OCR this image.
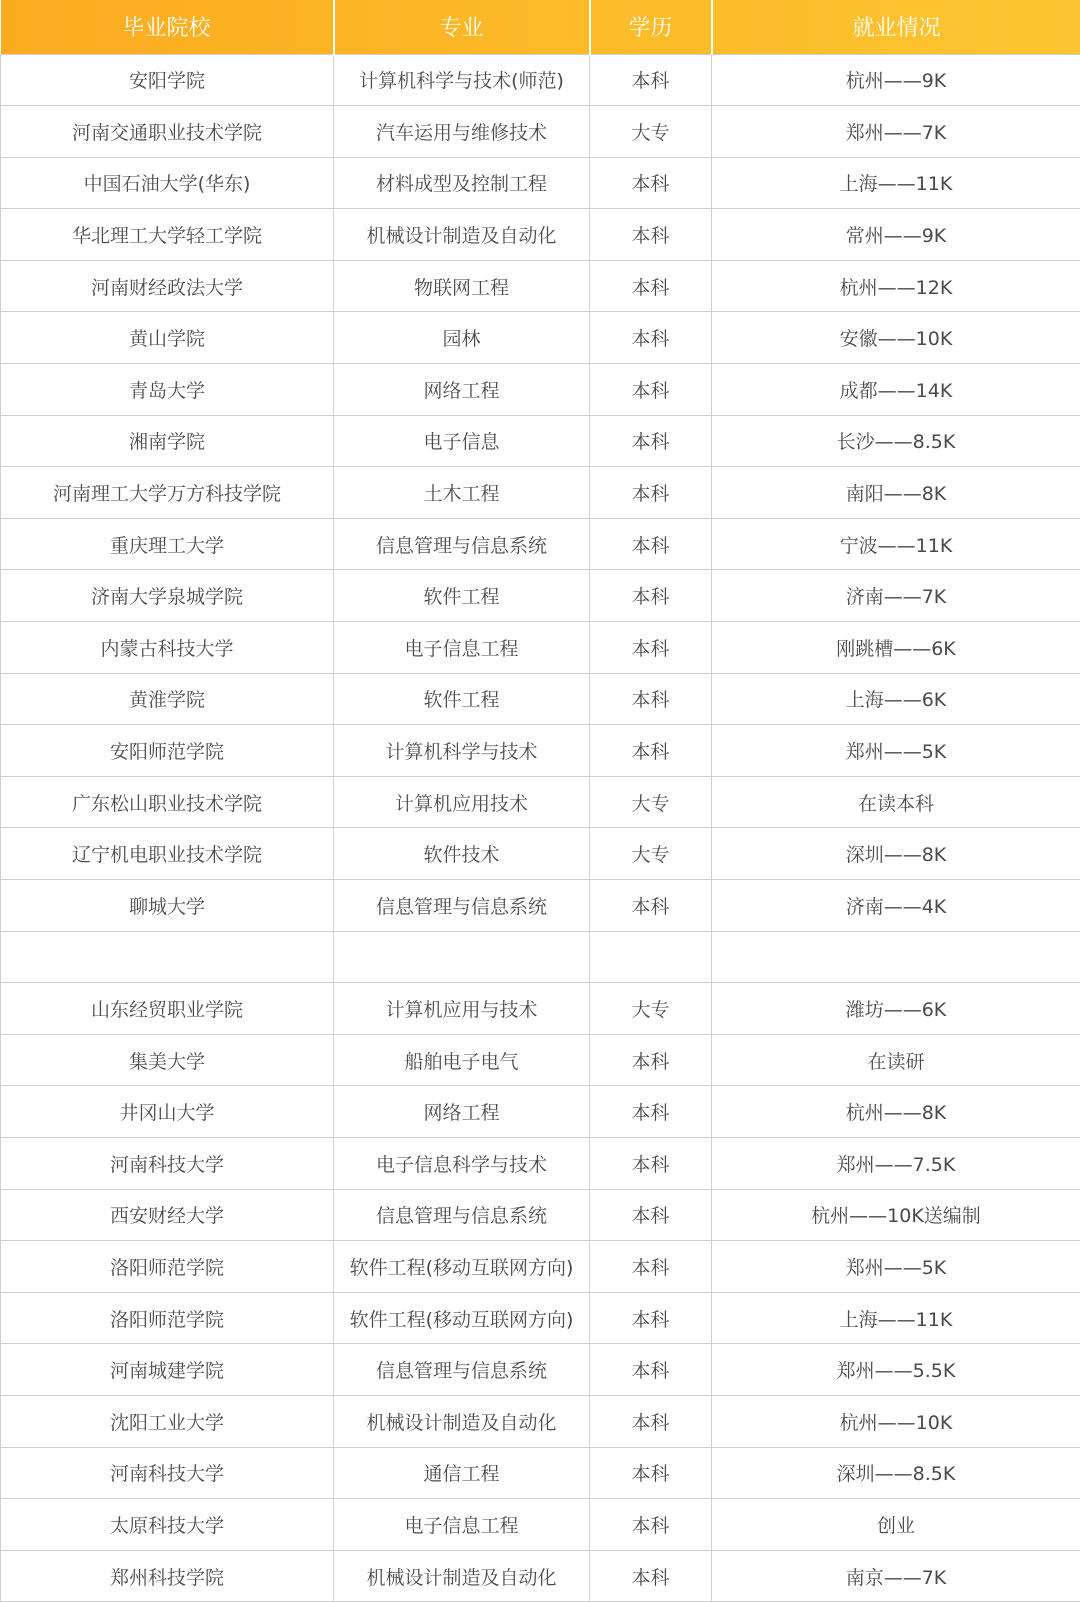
毕业院校	专业	学历	就业情况
安阳学院	计算机科学与技术(师范)	本科	杭州——9K
河南交通职业技术学院	汽车运用与维修技术	大专	郑州——7K
中国石油大学(华东)	材料成型及控制工程	本科	上海——11K
华北理工大学轻工学院	机械设计制造及自动化	本科	常州——9K
河南财经政法大学	物联网工程	本科	杭州——12K
黄山学院	园林	本科	安徽——10K
青岛大学	网络工程	本科	成都——14K
湘南学院	电子信息	本科	长沙——8.5K
河南理工大学万方科技学院	土木工程	本科	南阳——8K
重庆理工大学	信息管理与信息系统	本科	宁波——11K
济南大学泉城学院	软件工程	本科	济南——7K
内蒙古科技大学	电子信息工程	本科	刚跳槽——6K
黄淮学院	软件工程	本科	上海——6K
安阳师范学院	计算机科学与技术	本科	郑州——5K
广东松山职业技术学院	计算机应用技术	大专	在读本科
辽宁机电职业技术学院	软件技术	大专	深圳——8K
聊城大学	信息管理与信息系统	本科	济南——4K

山东经贸职业学院	计算机应用与技术	大专	潍坊——6K
集美大学	船舶电子电气	本科	在读研
井冈山大学	网络工程	本科	杭州——8K
河南科技大学	电子信息科学与技术	本科	郑州——7.5K
西安财经大学	信息管理与信息系统	本科	杭州——10K送编制
洛阳师范学院	软件工程(移动互联网方向)	本科	郑州——5K
洛阳师范学院	软件工程(移动互联网方向)	本科	上海——11K
河南城建学院	信息管理与信息系统	本科	郑州——5.5K
沈阳工业大学	机械设计制造及自动化	本科	杭州——10K
河南科技大学	通信工程	本科	深圳——8.5K
太原科技大学	电子信息工程	本科	创业
郑州科技学院	机械设计制造及自动化	本科	南京——7K
